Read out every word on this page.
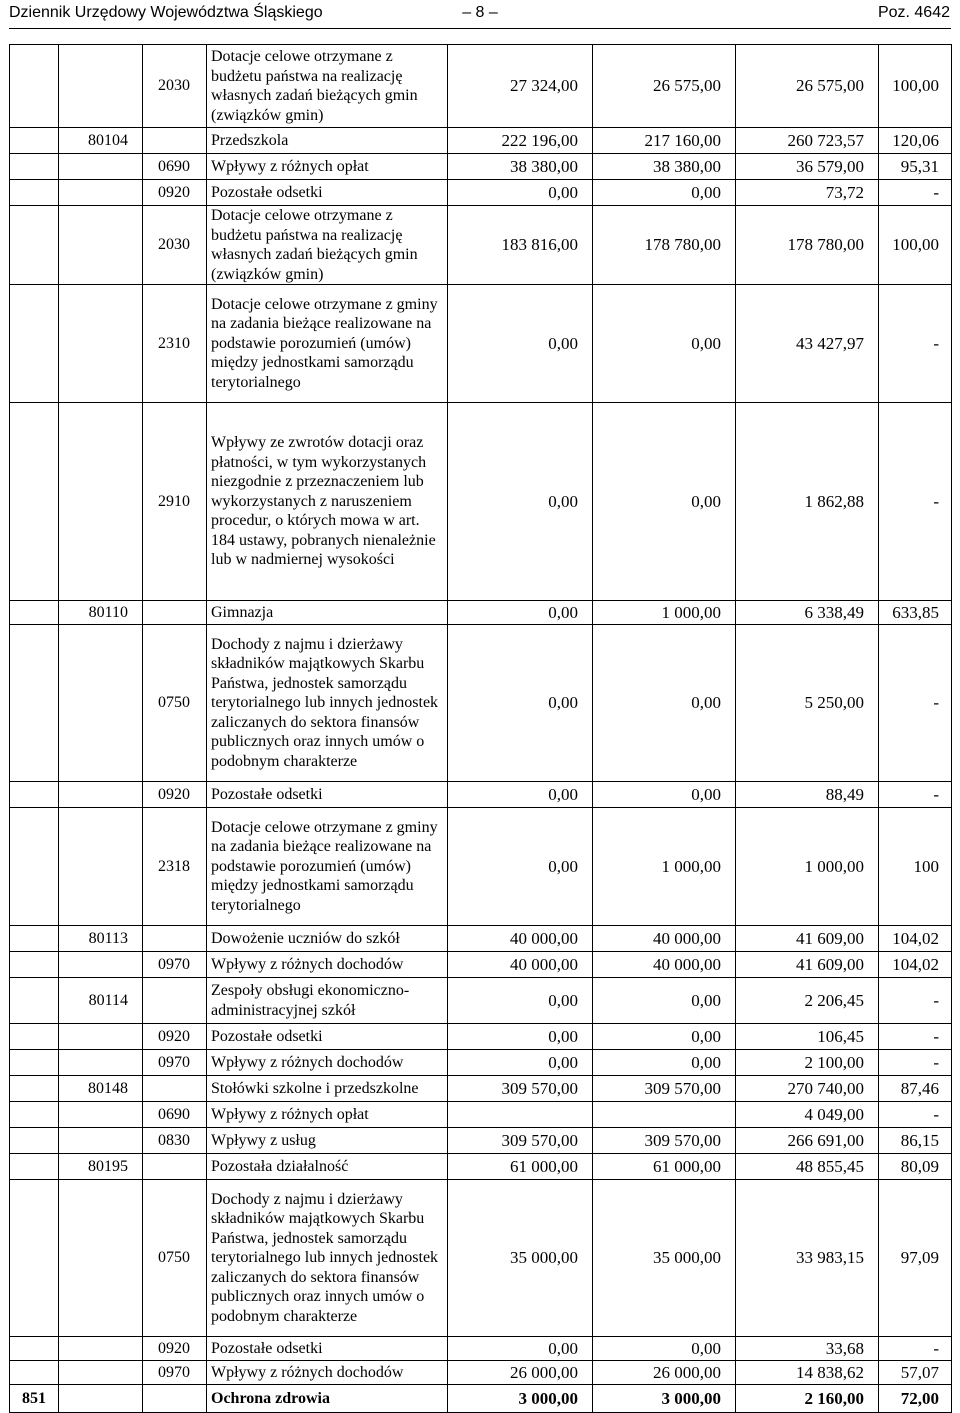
Dziennik Urzędowy Województwa Śląskiego	– 8 –	Poz. 4642
		2030	Dotacje celowe otrzymane z budżetu państwa na realizację własnych zadań bieżących gmin (związków gmin)	27 324,00	26 575,00	26 575,00	100,00
	80104		Przedszkola	222 196,00	217 160,00	260 723,57	120,06
		0690	Wpływy z różnych opłat	38 380,00	38 380,00	36 579,00	95,31
		0920	Pozostałe odsetki	0,00	0,00	73,72	-
		2030	Dotacje celowe otrzymane z budżetu państwa na realizację własnych zadań bieżących gmin (związków gmin)	183 816,00	178 780,00	178 780,00	100,00
		2310	Dotacje celowe otrzymane z gminy na zadania bieżące realizowane na podstawie porozumień (umów) między jednostkami samorządu terytorialnego	0,00	0,00	43 427,97	-
		2910	Wpływy ze zwrotów dotacji oraz płatności, w tym wykorzystanych niezgodnie z przeznaczeniem lub wykorzystanych z naruszeniem procedur, o których mowa w art. 184 ustawy, pobranych nienależnie lub w nadmiernej wysokości	0,00	0,00	1 862,88	-
	80110		Gimnazja	0,00	1 000,00	6 338,49	633,85
		0750	Dochody z najmu i dzierżawy składników majątkowych Skarbu Państwa, jednostek samorządu terytorialnego lub innych jednostek zaliczanych do sektora finansów publicznych oraz innych umów o podobnym charakterze	0,00	0,00	5 250,00	-
		0920	Pozostałe odsetki	0,00	0,00	88,49	-
		2318	Dotacje celowe otrzymane z gminy na zadania bieżące realizowane na podstawie porozumień (umów) między jednostkami samorządu terytorialnego	0,00	1 000,00	1 000,00	100
	80113		Dowożenie uczniów do szkół	40 000,00	40 000,00	41 609,00	104,02
		0970	Wpływy z różnych dochodów	40 000,00	40 000,00	41 609,00	104,02
	80114		Zespoły obsługi ekonomiczno-administracyjnej szkół	0,00	0,00	2 206,45	-
		0920	Pozostałe odsetki	0,00	0,00	106,45	-
		0970	Wpływy z różnych dochodów	0,00	0,00	2 100,00	-
	80148		Stołówki szkolne i przedszkolne	309 570,00	309 570,00	270 740,00	87,46
		0690	Wpływy z różnych opłat			4 049,00	-
		0830	Wpływy z usług	309 570,00	309 570,00	266 691,00	86,15
	80195		Pozostała działalność	61 000,00	61 000,00	48 855,45	80,09
		0750	Dochody z najmu i dzierżawy składników majątkowych Skarbu Państwa, jednostek samorządu terytorialnego lub innych jednostek zaliczanych do sektora finansów publicznych oraz innych umów o podobnym charakterze	35 000,00	35 000,00	33 983,15	97,09
		0920	Pozostałe odsetki	0,00	0,00	33,68	-
		0970	Wpływy z różnych dochodów	26 000,00	26 000,00	14 838,62	57,07
851			Ochrona zdrowia	3 000,00	3 000,00	2 160,00	72,00
